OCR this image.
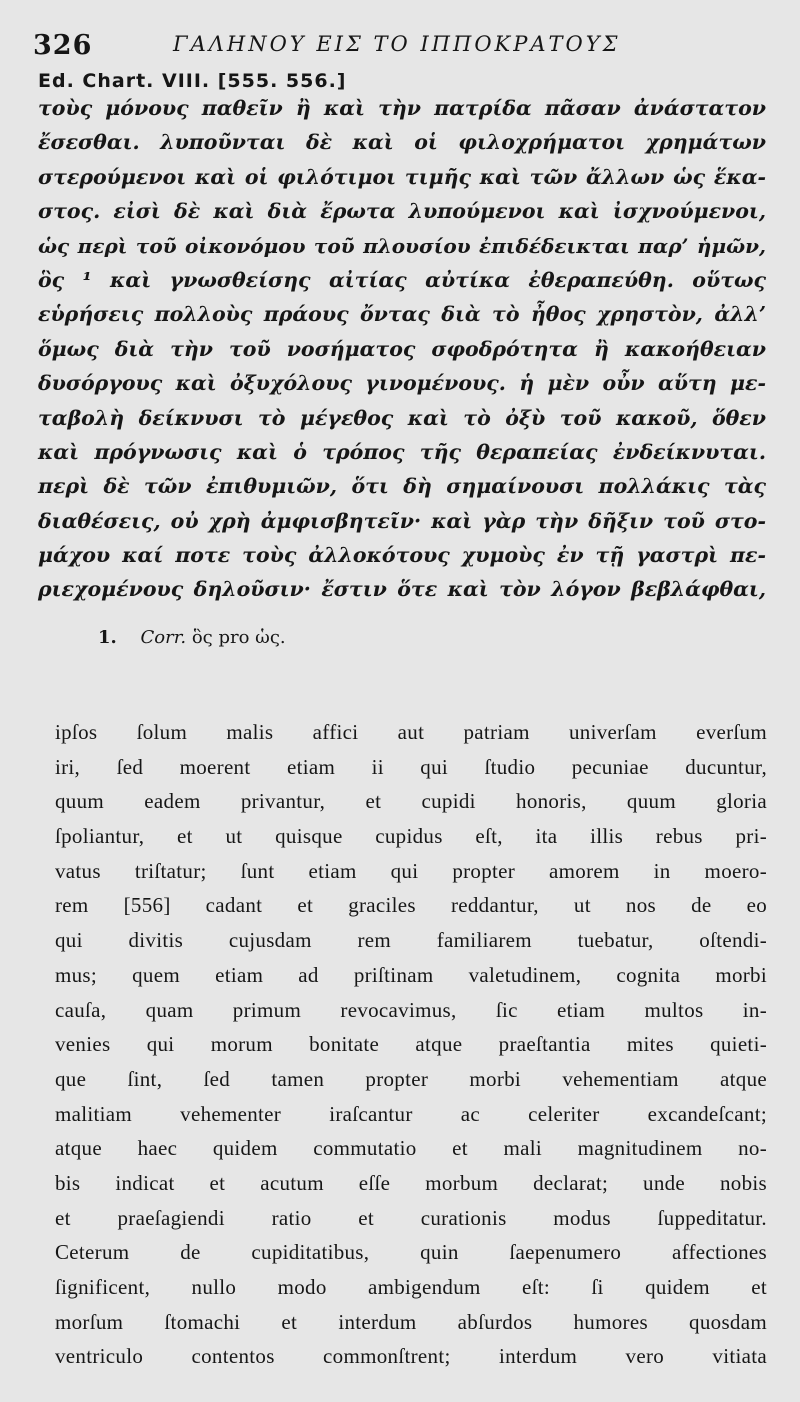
326	ΓΑΛΗΝΟΥ ΕΙΣ ΤΟ ΙΠΠΟΚΡΑΤΟΥΣ
Ed. Chart. VIII. [555. 556.]
τοὺς μόνους παθεῖν ἢ καὶ τὴν πατρίδα πᾶσαν ἀνάστατον
ἔσεσθαι. λυποῦνται δὲ καὶ οἱ φιλοχρήματοι χρημάτων
στερούμενοι καὶ οἱ φιλότιμοι τιμῆς καὶ τῶν ἄλλων ὡς ἕκα-
στος. εἰσὶ δὲ καὶ διὰ ἔρωτα λυπούμενοι καὶ ἰσχνούμενοι,
ὡς περὶ τοῦ οἰκονόμου τοῦ πλουσίου ἐπιδέδεικται παρ’ ἡμῶν,
ὃς ¹ καὶ γνωσθείσης αἰτίας αὐτίκα ἐθεραπεύθη. οὕτως
εὑρήσεις πολλοὺς πράους ὄντας διὰ τὸ ἦθος χρηστὸν, ἀλλ’
ὅμως διὰ τὴν τοῦ νοσήματος σφοδρότητα ἢ κακοήθειαν
δυσόργους καὶ ὀξυχόλους γινομένους. ἡ μὲν οὖν αὕτη με-
ταβολὴ δείκνυσι τὸ μέγεθος καὶ τὸ ὀξὺ τοῦ κακοῦ, ὅθεν
καὶ πρόγνωσις καὶ ὁ τρόπος τῆς θεραπείας ἐνδείκνυται.
περὶ δὲ τῶν ἐπιθυμιῶν, ὅτι δὴ σημαίνουσι πολλάκις τὰς
διαθέσεις, οὐ χρὴ ἀμφισβητεῖν· καὶ γὰρ τὴν δῆξιν τοῦ στο-
μάχου καί ποτε τοὺς ἀλλοκότους χυμοὺς ἐν τῇ γαστρὶ πε-
ριεχομένους δηλοῦσιν· ἔστιν ὅτε καὶ τὸν λόγον βεβλάφθαι,
1. Corr. ὃς pro ὡς.
ipſos ſolum malis affici aut patriam univerſam everſum
iri, ſed moerent etiam ii qui ſtudio pecuniae ducuntur,
quum eadem privantur, et cupidi honoris, quum gloria
ſpoliantur, et ut quisque cupidus eſt, ita illis rebus pri-
vatus triſtatur; ſunt etiam qui propter amorem in moero-
rem [556] cadant et graciles reddantur, ut nos de eo
qui divitis cujusdam rem familiarem tuebatur, oſtendi-
mus; quem etiam ad priſtinam valetudinem, cognita morbi
cauſa, quam primum revocavimus, ſic etiam multos in-
venies qui morum bonitate atque praeſtantia mites quieti-
que ſint, ſed tamen propter morbi vehementiam atque
malitiam vehementer iraſcantur ac celeriter excandeſcant;
atque haec quidem commutatio et mali magnitudinem no-
bis indicat et acutum eſſe morbum declarat; unde nobis
et praeſagiendi ratio et curationis modus ſuppeditatur.
Ceterum de cupiditatibus, quin ſaepenumero affectiones
ſignificent, nullo modo ambigendum eſt: ſi quidem et
morſum ſtomachi et interdum abſurdos humores quosdam
ventriculo contentos commonſtrent; interdum vero vitiata
